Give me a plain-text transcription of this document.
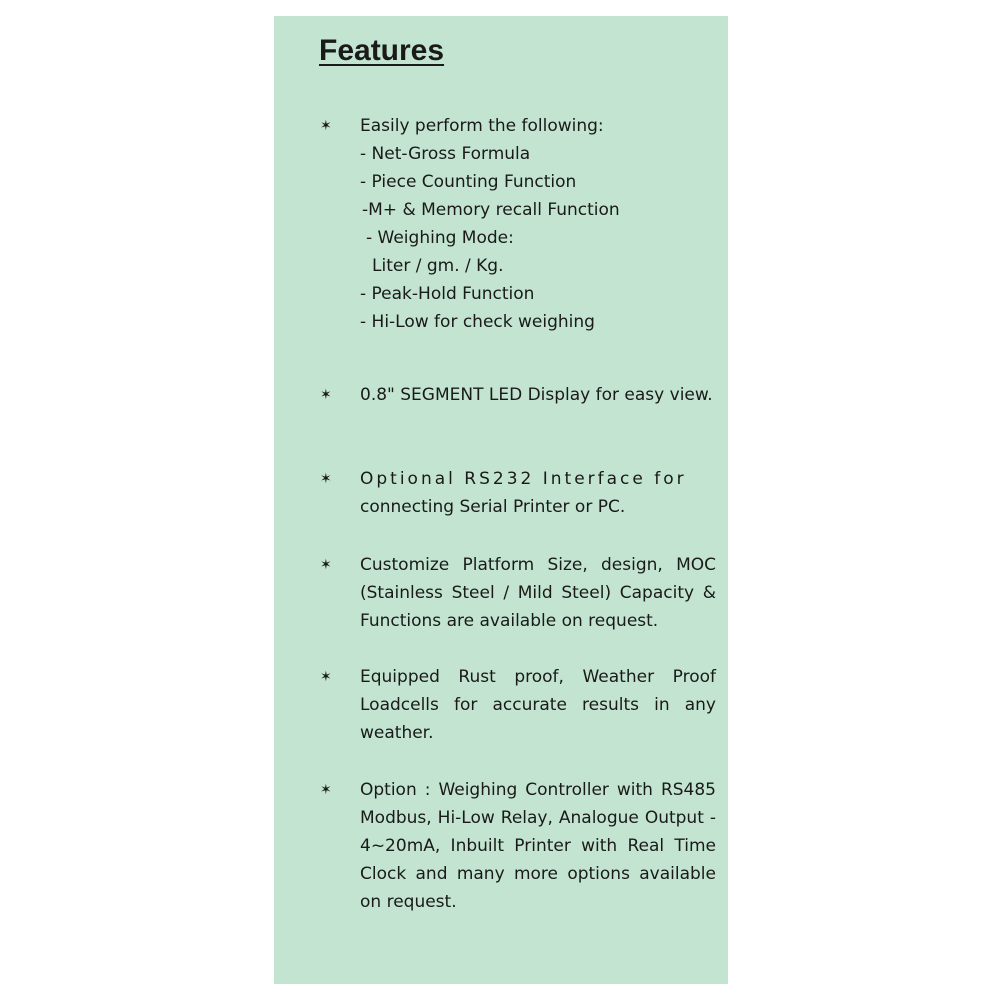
Features
✶	Easily perform the following:
- Net-Gross Formula
- Piece Counting Function
-M+ & Memory recall Function
- Weighing Mode:
Liter / gm. / Kg.
- Peak-Hold Function
- Hi-Low for check weighing
✶	0.8" SEGMENT LED Display for easy view.
✶	Optional RS232 Interface for
connecting Serial Printer or PC.
✶	Customize Platform Size, design, MOC (Stainless Steel / Mild Steel) Capacity & Functions are available on request.
✶	Equipped Rust proof, Weather Proof Loadcells for accurate results in any weather.
✶	Option : Weighing Controller with RS485 Modbus, Hi-Low Relay, Analogue Output - 4~20mA, Inbuilt Printer with Real Time Clock and many more options available on request.
